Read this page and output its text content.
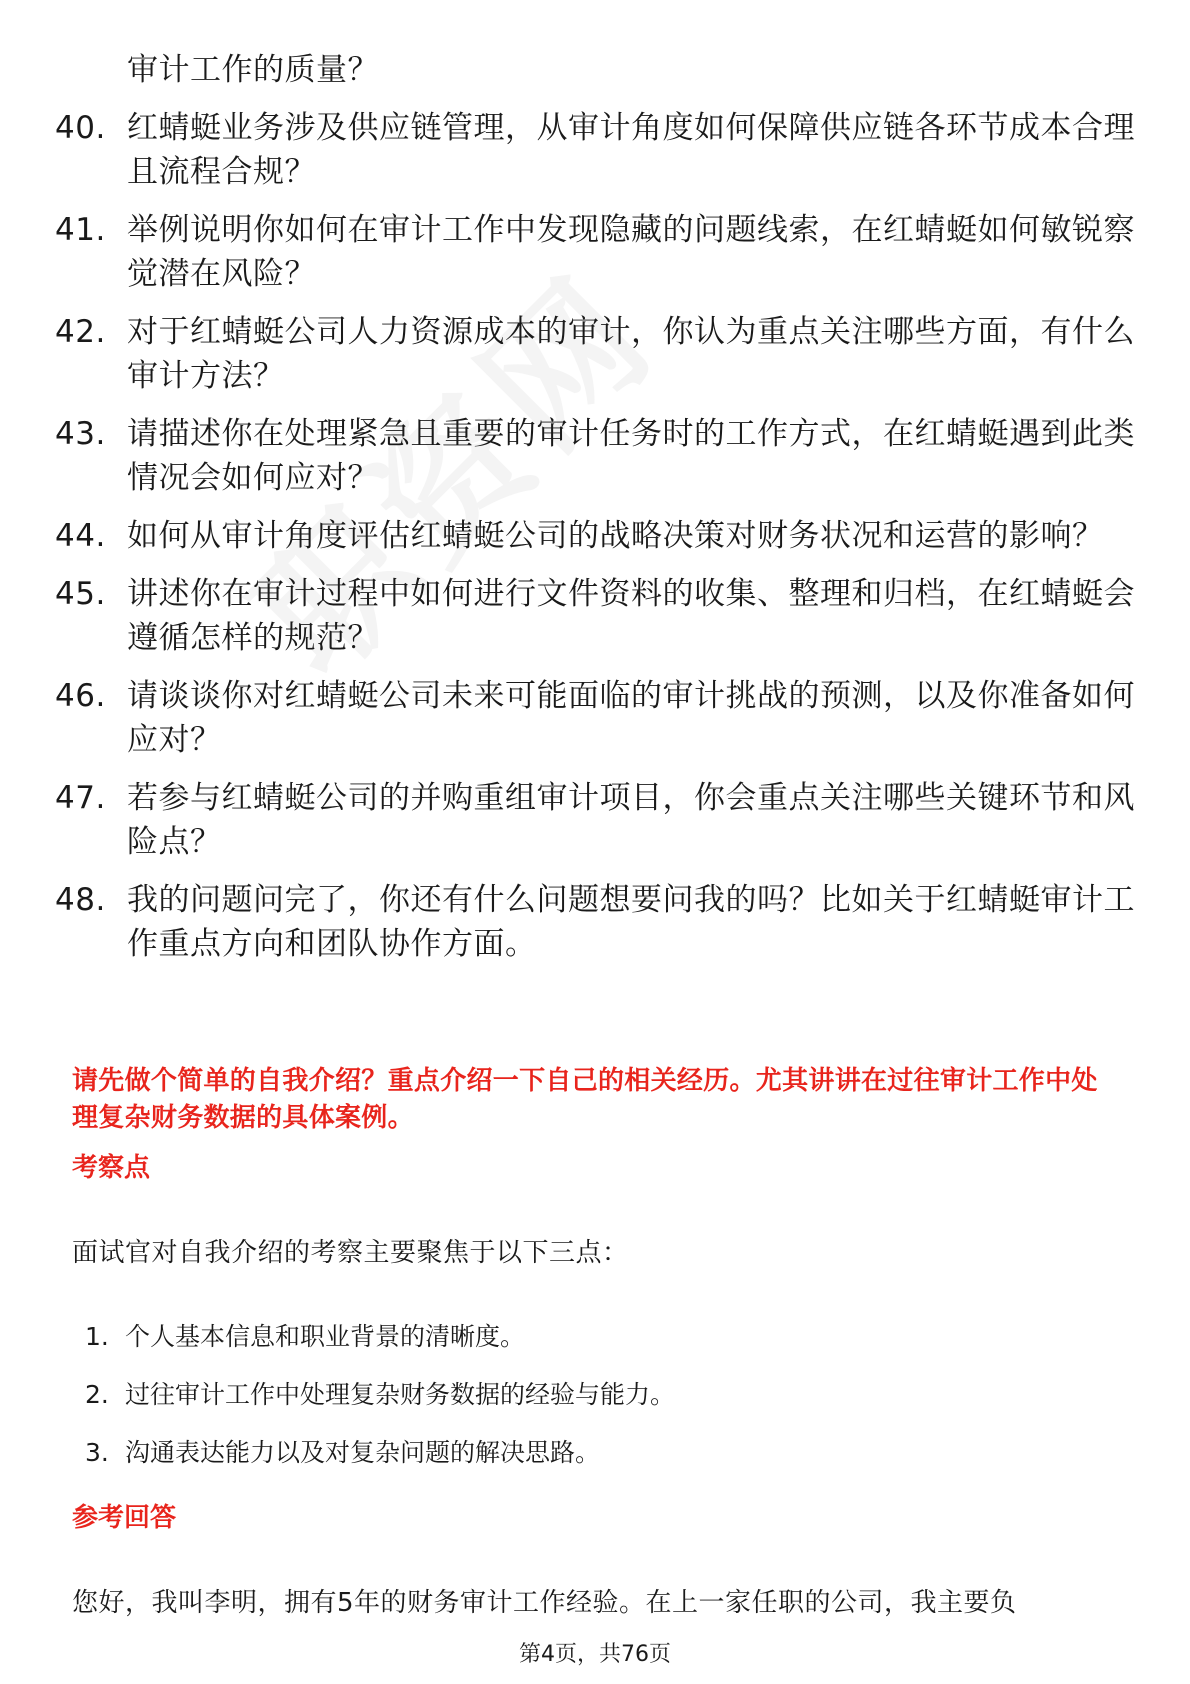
审计工作的质量？
40. 红蜻蜓业务涉及供应链管理，从审计角度如何保障供应链各环节成本合理且流程合规？
41. 举例说明你如何在审计工作中发现隐藏的问题线索，在红蜻蜓如何敏锐察觉潜在风险？
42. 对于红蜻蜓公司人力资源成本的审计，你认为重点关注哪些方面，有什么审计方法？
43. 请描述你在处理紧急且重要的审计任务时的工作方式，在红蜻蜓遇到此类情况会如何应对？
44. 如何从审计角度评估红蜻蜓公司的战略决策对财务状况和运营的影响？
45. 讲述你在审计过程中如何进行文件资料的收集、整理和归档，在红蜻蜓会遵循怎样的规范？
46. 请谈谈你对红蜻蜓公司未来可能面临的审计挑战的预测，以及你准备如何应对？
47. 若参与红蜻蜓公司的并购重组审计项目，你会重点关注哪些关键环节和风险点？
48. 我的问题问完了，你还有什么问题想要问我的吗？比如关于红蜻蜓审计工作重点方向和团队协作方面。
请先做个简单的自我介绍？重点介绍一下自己的相关经历。尤其讲讲在过往审计工作中处理复杂财务数据的具体案例。
考察点
面试官对自我介绍的考察主要聚焦于以下三点：
1. 个人基本信息和职业背景的清晰度。
2. 过往审计工作中处理复杂财务数据的经验与能力。
3. 沟通表达能力以及对复杂问题的解决思路。
参考回答
您好，我叫李明，拥有5年的财务审计工作经验。在上一家任职的公司，我主要负
第4页，共76页
